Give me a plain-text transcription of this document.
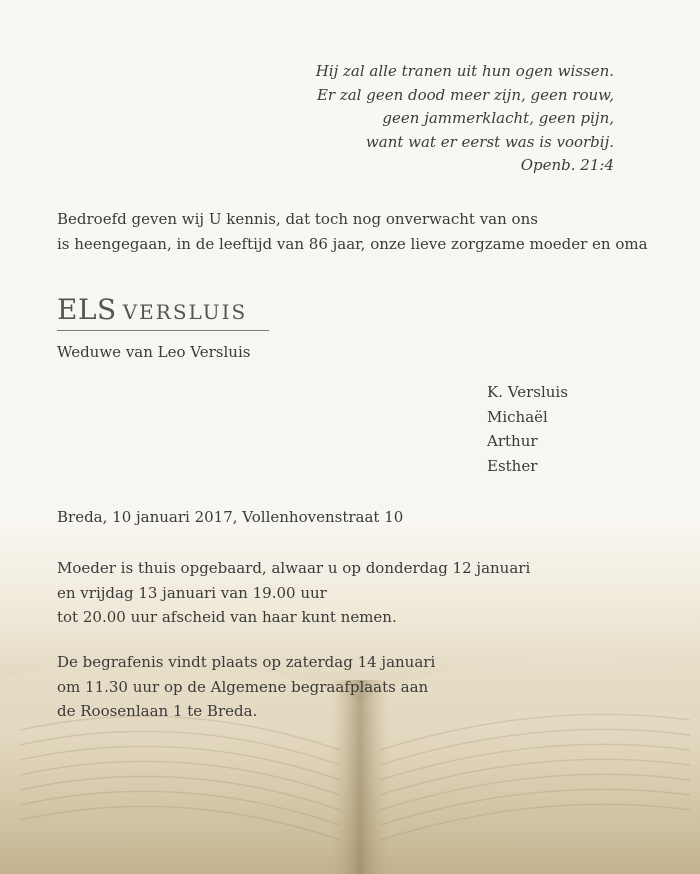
Hij zal alle tranen uit hun ogen wissen.
Er zal geen dood meer zijn, geen rouw,
geen jammerklacht, geen pijn,
want wat er eerst was is voorbij.
Openb. 21:4
Bedroefd geven wij U kennis, dat toch nog onverwacht van ons
is heengegaan, in de leeftijd van 86 jaar, onze lieve zorgzame moeder en oma
ELS VERSLUIS
Weduwe van Leo Versluis
K. Versluis
Michaël
Arthur
Esther
Breda, 10 januari 2017, Vollenhovenstraat 10
Moeder is thuis opgebaard, alwaar u op donderdag 12 januari
en vrijdag 13 januari van 19.00 uur
tot 20.00 uur afscheid van haar kunt nemen.
De begrafenis vindt plaats op zaterdag 14 januari
om 11.30 uur op de Algemene begraafplaats aan
de Roosenlaan 1 te Breda.
